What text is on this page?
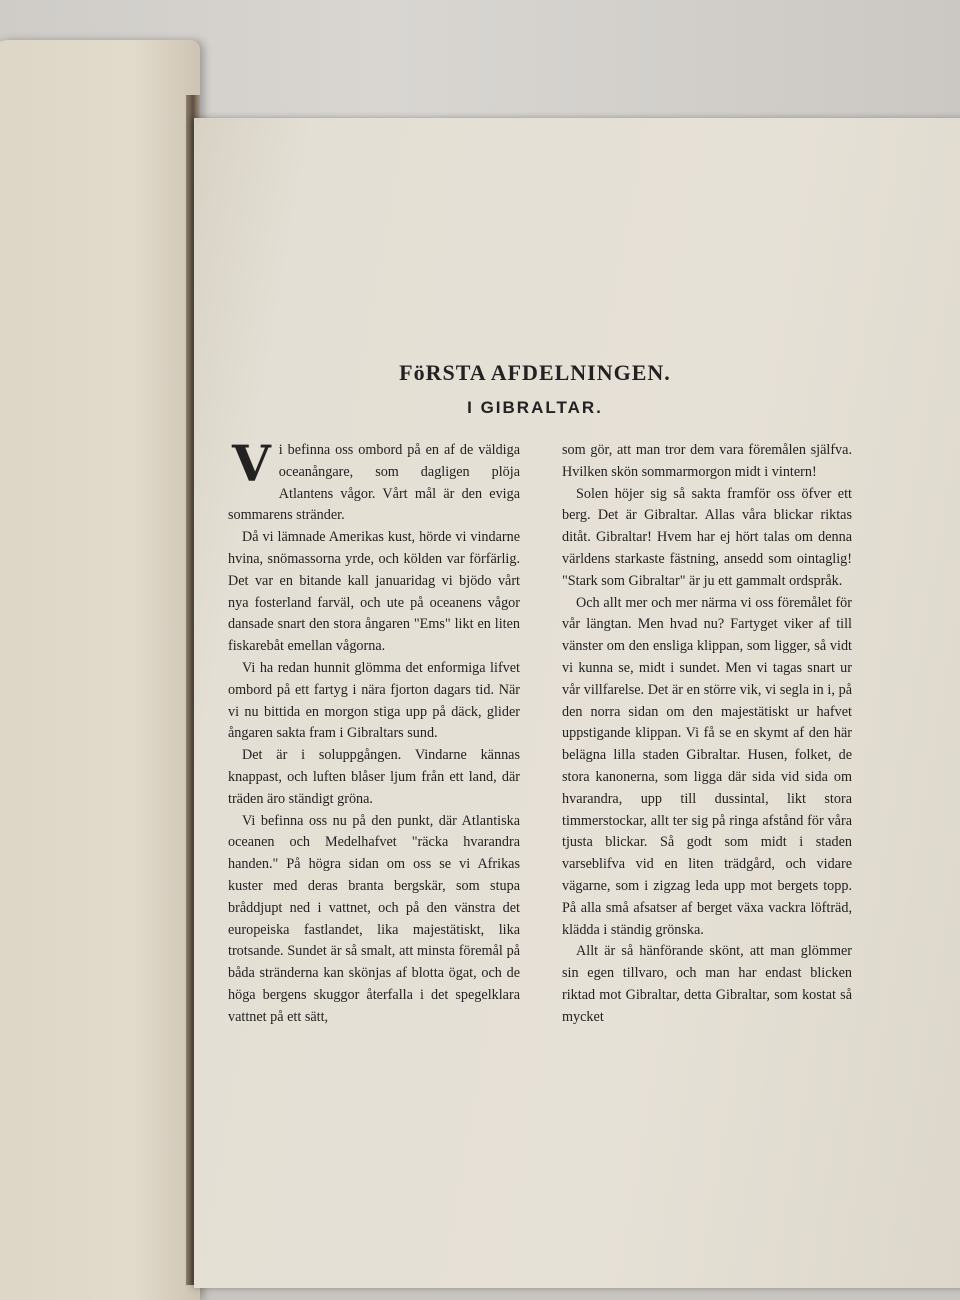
FöRSTA AFDELNINGEN.
I GIBRALTAR.

Vi befinna oss ombord på en af de väldiga oceanångare, som dagligen plöja Atlantens vågor. Vårt mål är den eviga sommarens stränder.

Då vi lämnade Amerikas kust, hörde vi vindarne hvina, snömassorna yrde, och kölden var förfärlig. Det var en bitande kall januaridag vi bjödo vårt nya fosterland farväl, och ute på oceanens vågor dansade snart den stora ångaren "Ems" likt en liten fiskarebåt emellan vågorna.

Vi ha redan hunnit glömma det enformiga lifvet ombord på ett fartyg i nära fjorton dagars tid. När vi nu bittida en morgon stiga upp på däck, glider ångaren sakta fram i Gibraltars sund.

Det är i soluppgången. Vindarne kännas knappast, och luften blåser ljum från ett land, där träden äro ständigt gröna.

Vi befinna oss nu på den punkt, där Atlantiska oceanen och Medelhafvet "räcka hvarandra handen." På högra sidan om oss se vi Afrikas kuster med deras branta bergskär, som stupa bråddjupt ned i vattnet, och på den vänstra det europeiska fastlandet, lika majestätiskt, lika trotsande. Sundet är så smalt, att minsta föremål på båda stränderna kan skönjas af blotta ögat, och de höga bergens skuggor återfalla i det spegelklara vattnet på ett sätt,

som gör, att man tror dem vara föremålen själfva. Hvilken skön sommarmorgon midt i vintern!

Solen höjer sig så sakta framför oss öfver ett berg. Det är Gibraltar. Allas våra blickar riktas ditåt. Gibraltar! Hvem har ej hört talas om denna världens starkaste fästning, ansedd som ointaglig! "Stark som Gibraltar" är ju ett gammalt ordspråk.

Och allt mer och mer närma vi oss föremålet för vår längtan. Men hvad nu? Fartyget viker af till vänster om den ensliga klippan, som ligger, så vidt vi kunna se, midt i sundet. Men vi tagas snart ur vår villfarelse. Det är en större vik, vi segla in i, på den norra sidan om den majestätiskt ur hafvet uppstigande klippan. Vi få se en skymt af den här belägna lilla staden Gibraltar. Husen, folket, de stora kanonerna, som ligga där sida vid sida om hvarandra, upp till dussintal, likt stora timmerstockar, allt ter sig på ringa afstånd för våra tjusta blickar. Så godt som midt i staden varseblifva vid en liten trädgård, och vidare vägarne, som i zigzag leda upp mot bergets topp. På alla små afsatser af berget växa vackra löfträd, klädda i ständig grönska.

Allt är så hänförande skönt, att man glömmer sin egen tillvaro, och man har endast blicken riktad mot Gibraltar, detta Gibraltar, som kostat så mycket
